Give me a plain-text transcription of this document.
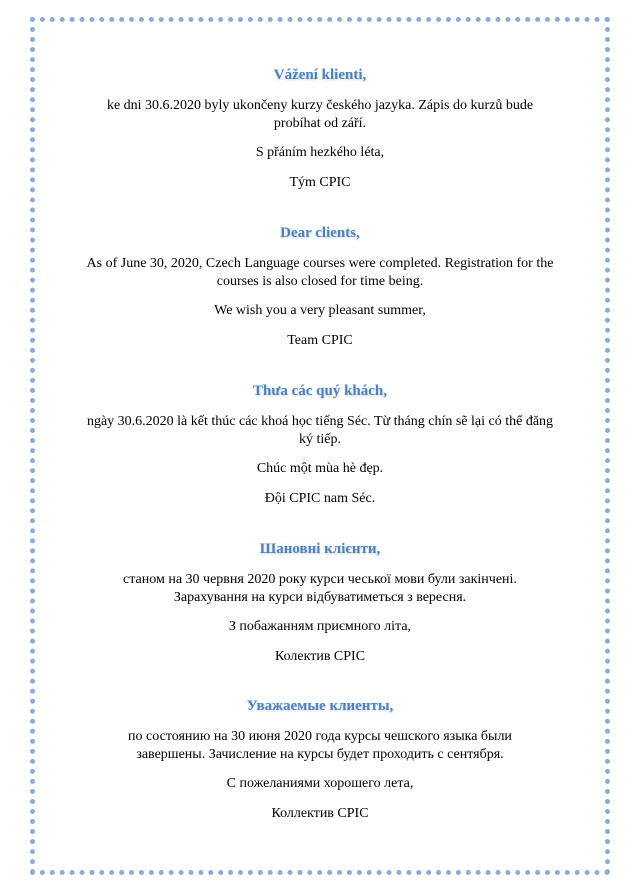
Vážení klienti,

ke dni 30.6.2020 byly ukončeny kurzy českého jazyka. Zápis do kurzů bude probíhat od září.

S přáním hezkého léta,

Tým CPIC

Dear clients,

As of June 30, 2020, Czech Language courses were completed. Registration for the courses is also closed for time being.

We wish you a very pleasant summer,

Team CPIC

Thưa các quý khách,

ngày 30.6.2020 là kết thúc các khoá học tiếng Séc. Từ tháng chín sẽ lại có thể đăng ký tiếp.

Chúc một mùa hè đẹp.

Đội CPIC nam Séc.

Шановні клієнти,

станом на 30 червня 2020 року курси чеської мови були закінчені. Зарахування на курси відбуватиметься з вересня.

З побажанням приємного літа,

Колектив CPIC

Уважаемые клиенты,

по состоянию на 30 июня 2020 года курсы чешского языка были завершены. Зачисление на курсы будет проходить с сентября.

С пожеланиями хорошего лета,

Коллектив CPIC
